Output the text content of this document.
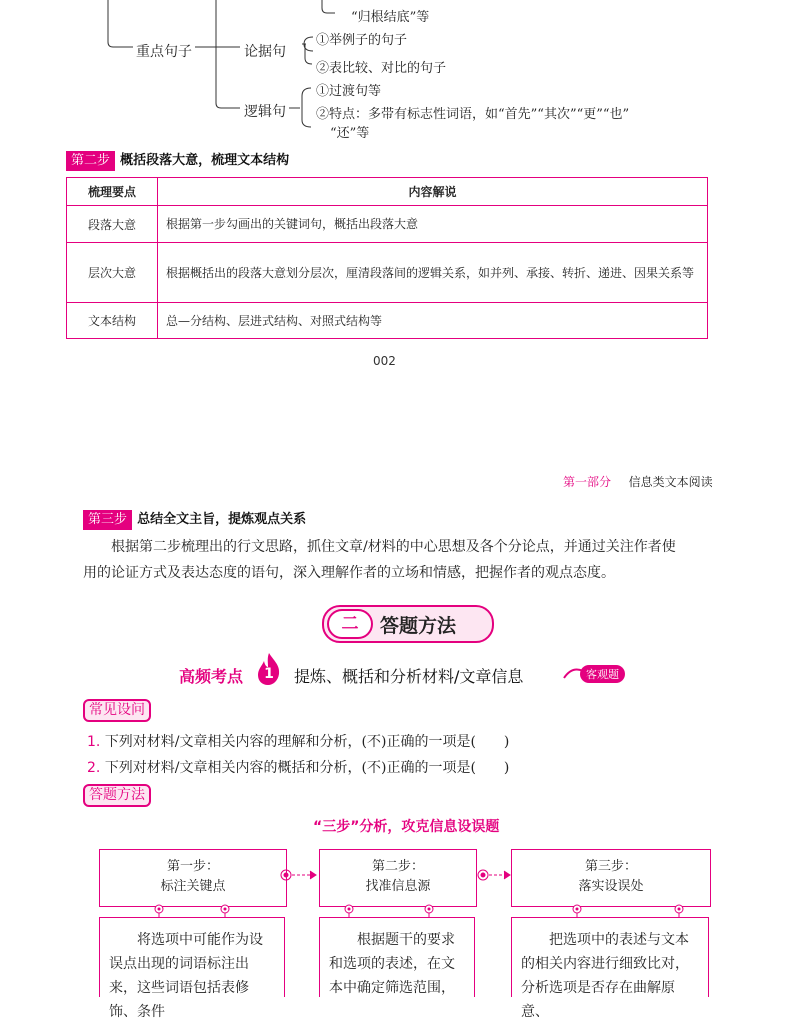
“归根结底”等
重点句子	论据句
①举例子的句子
②表比较、对比的句子
逻辑句
①过渡句等
②特点：多带有标志性词语，如“首先”“其次”“更”“也”
“还”等
第二步 概括段落大意，梳理文本结构
梳理要点	内容解说
段落大意	根据第一步勾画出的关键词句，概括出段落大意
层次大意	根据概括出的段落大意划分层次，厘清段落间的逻辑关系，如并列、承接、转折、递进、因果关系等
文本结构	总—分结构、层进式结构、对照式结构等
002
第一部分 信息类文本阅读
第三步 总结全文主旨，提炼观点关系
根据第二步梳理出的行文思路，抓住文章/材料的中心思想及各个分论点，并通过关注作者使
用的论证方式及表达态度的语句，深入理解作者的立场和情感，把握作者的观点态度。
二	答题方法
高频考点 1 提炼、概括和分析材料/文章信息	客观题
常见设问
1. 下列对材料/文章相关内容的理解和分析，(不)正确的一项是(　　)
2. 下列对材料/文章相关内容的概括和分析，(不)正确的一项是(　　)
答题方法
“三步”分析，攻克信息设误题
第一步：
标注关键点
第二步：
找准信息源
第三步：
落实设误处
将选项中可能作为设误点出现的词语标注出来，这些词语包括表修饰、条件
根据题干的要求和选项的表述，在文本中确定筛选范围，
把选项中的表述与文本的相关内容进行细致比对，分析选项是否存在曲解原意、
